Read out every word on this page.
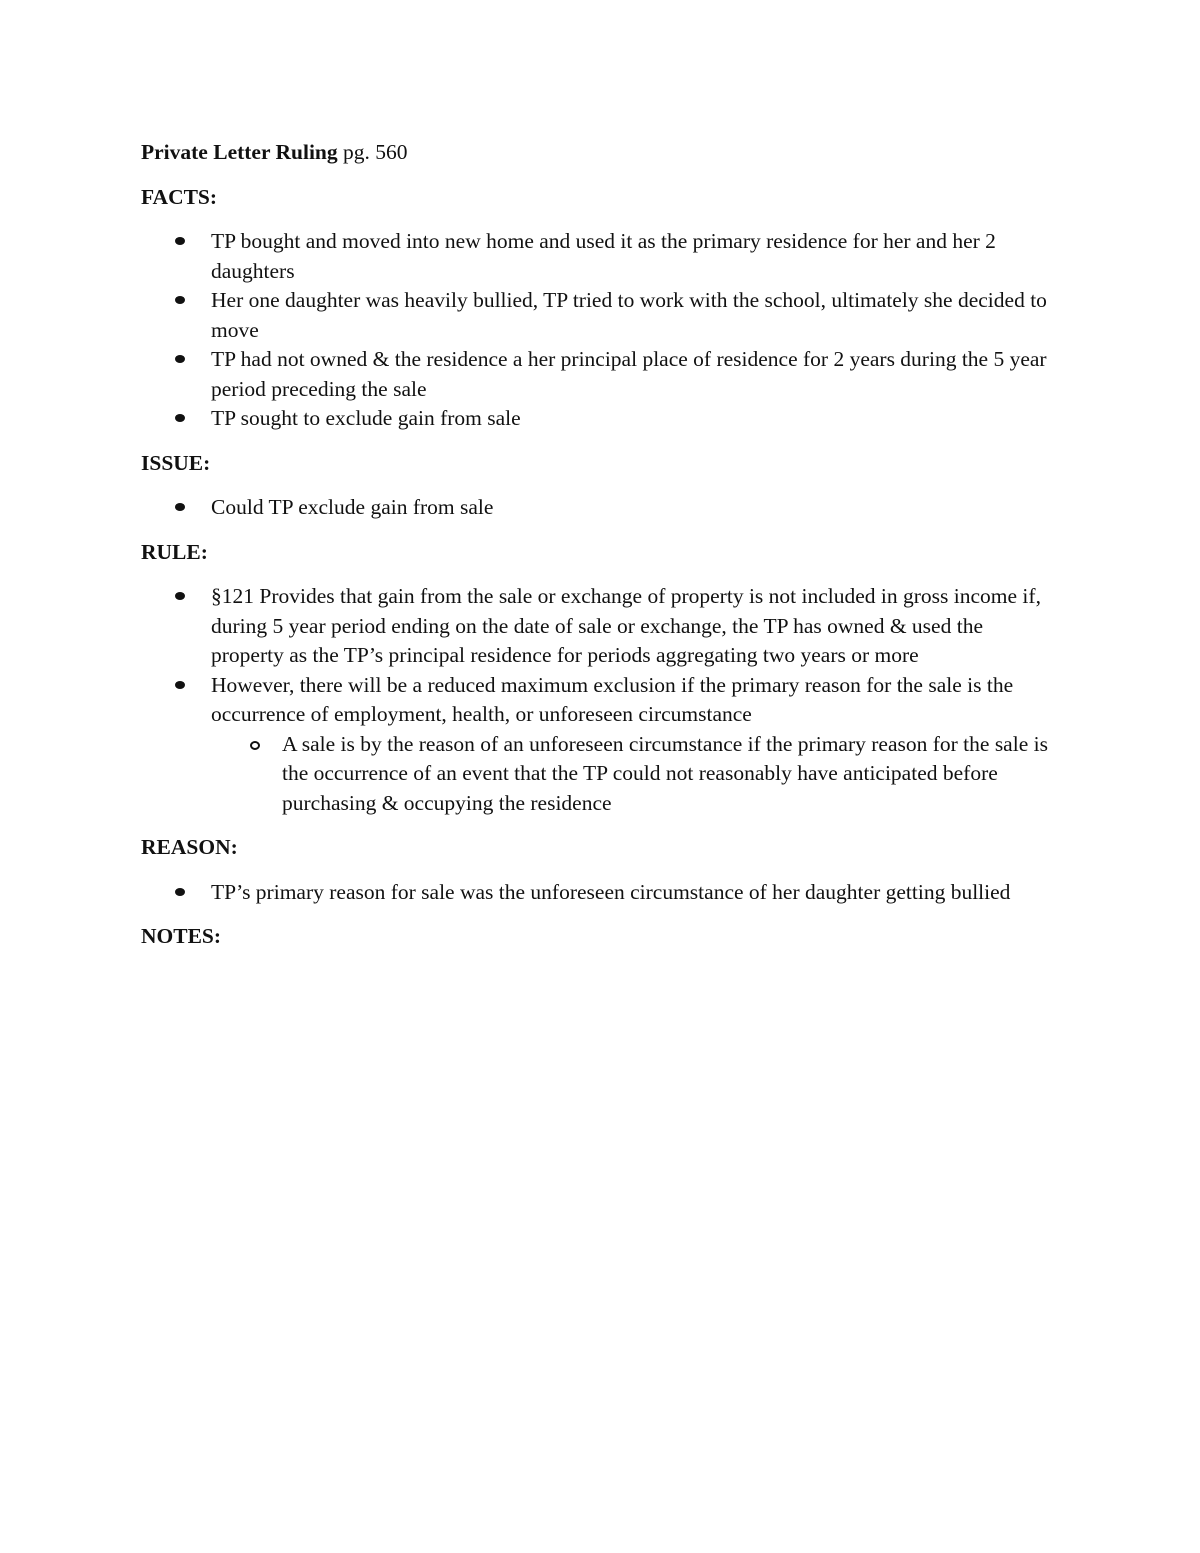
Private Letter Ruling pg. 560

FACTS:

TP bought and moved into new home and used it as the primary residence for her and her 2 daughters
Her one daughter was heavily bullied, TP tried to work with the school, ultimately she decided to move
TP had not owned & the residence a her principal place of residence for 2 years during the 5 year period preceding the sale
TP sought to exclude gain from sale

ISSUE:

Could TP exclude gain from sale

RULE:

§121 Provides that gain from the sale or exchange of property is not included in gross income if, during 5 year period ending on the date of sale or exchange, the TP has owned & used the property as the TP’s principal residence for periods aggregating two years or more
However, there will be a reduced maximum exclusion if the primary reason for the sale is the occurrence of employment, health, or unforeseen circumstance
A sale is by the reason of an unforeseen circumstance if the primary reason for the sale is the occurrence of an event that the TP could not reasonably have anticipated before purchasing & occupying the residence

REASON:

TP’s primary reason for sale was the unforeseen circumstance of her daughter getting bullied

NOTES:
